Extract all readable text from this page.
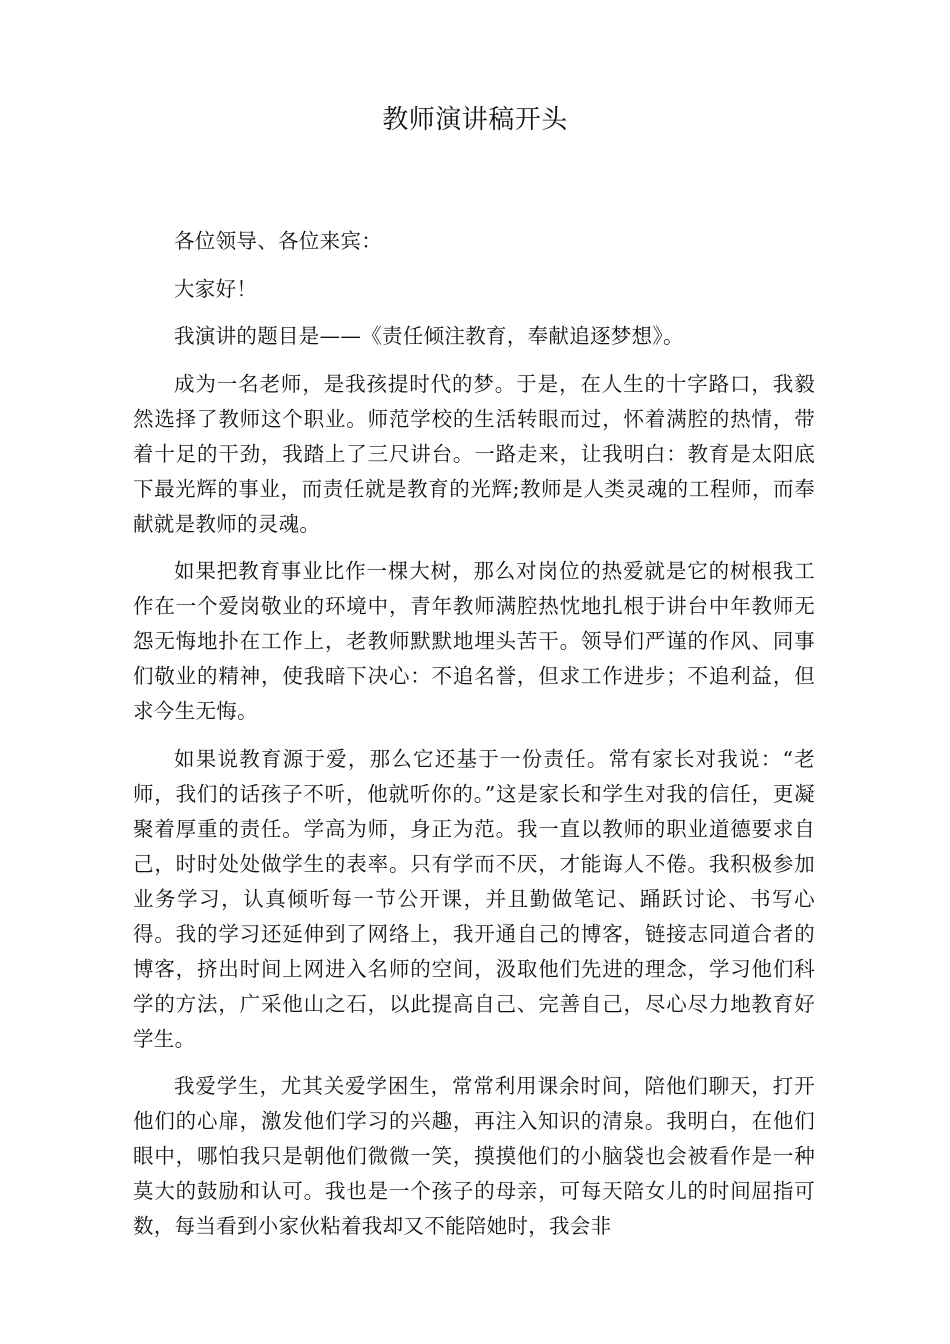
教师演讲稿开头

各位领导、各位来宾：

大家好！

我演讲的题目是——《责任倾注教育，奉献追逐梦想》。

成为一名老师，是我孩提时代的梦。于是，在人生的十字路口，我毅然选择了教师这个职业。师范学校的生活转眼而过，怀着满腔的热情，带着十足的干劲，我踏上了三尺讲台。一路走来，让我明白：教育是太阳底下最光辉的事业，而责任就是教育的光辉;教师是人类灵魂的工程师，而奉献就是教师的灵魂。

如果把教育事业比作一棵大树，那么对岗位的热爱就是它的树根我工作在一个爱岗敬业的环境中，青年教师满腔热忱地扎根于讲台中年教师无怨无悔地扑在工作上，老教师默默地埋头苦干。领导们严谨的作风、同事们敬业的精神，使我暗下决心：不追名誉，但求工作进步；不追利益，但求今生无悔。

如果说教育源于爱，那么它还基于一份责任。常有家长对我说：“老师，我们的话孩子不听，他就听你的。”这是家长和学生对我的信任，更凝聚着厚重的责任。学高为师，身正为范。我一直以教师的职业道德要求自己，时时处处做学生的表率。只有学而不厌，才能诲人不倦。我积极参加业务学习，认真倾听每一节公开课，并且勤做笔记、踊跃讨论、书写心得。我的学习还延伸到了网络上，我开通自己的博客，链接志同道合者的博客，挤出时间上网进入名师的空间，汲取他们先进的理念，学习他们科学的方法，广采他山之石，以此提高自己、完善自己，尽心尽力地教育好学生。

我爱学生，尤其关爱学困生，常常利用课余时间，陪他们聊天，打开他们的心扉，激发他们学习的兴趣，再注入知识的清泉。我明白，在他们眼中，哪怕我只是朝他们微微一笑，摸摸他们的小脑袋也会被看作是一种莫大的鼓励和认可。我也是一个孩子的母亲，可每天陪女儿的时间屈指可数，每当看到小家伙粘着我却又不能陪她时，我会非
